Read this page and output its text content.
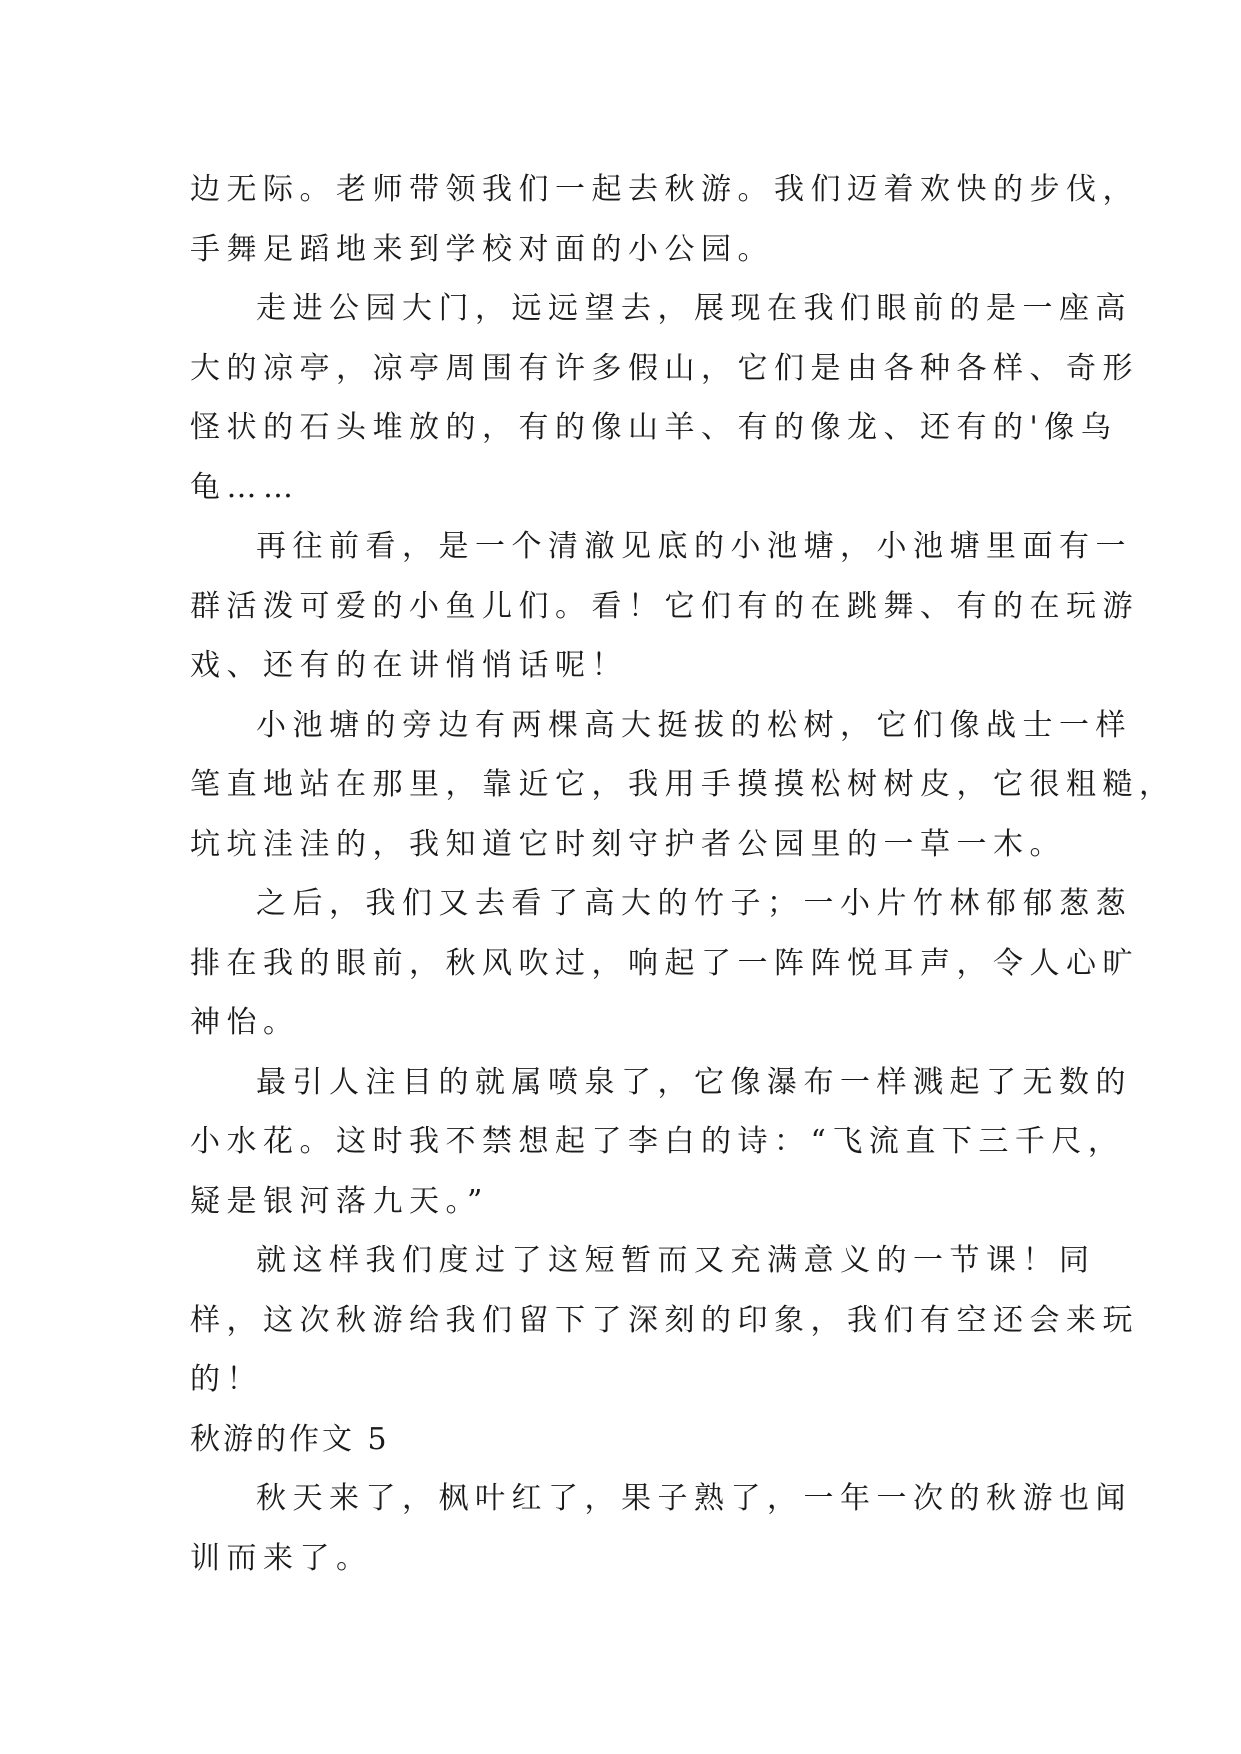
边无际。老师带领我们一起去秋游。我们迈着欢快的步伐，
手舞足蹈地来到学校对面的小公园。
走进公园大门，远远望去，展现在我们眼前的是一座高
大的凉亭，凉亭周围有许多假山，它们是由各种各样、奇形
怪状的石头堆放的，有的像山羊、有的像龙、还有的'像乌
龟……
再往前看，是一个清澈见底的小池塘，小池塘里面有一
群活泼可爱的小鱼儿们。看！它们有的在跳舞、有的在玩游
戏、还有的在讲悄悄话呢！
小池塘的旁边有两棵高大挺拔的松树，它们像战士一样
笔直地站在那里，靠近它，我用手摸摸松树树皮，它很粗糙，
坑坑洼洼的，我知道它时刻守护者公园里的一草一木。
之后，我们又去看了高大的竹子；一小片竹林郁郁葱葱
排在我的眼前，秋风吹过，响起了一阵阵悦耳声，令人心旷
神怡。
最引人注目的就属喷泉了，它像瀑布一样溅起了无数的
小水花。这时我不禁想起了李白的诗：“飞流直下三千尺，
疑是银河落九天。”
就这样我们度过了这短暂而又充满意义的一节课！同
样，这次秋游给我们留下了深刻的印象，我们有空还会来玩
的！
秋游的作文 5
秋天来了，枫叶红了，果子熟了，一年一次的秋游也闻
训而来了。
